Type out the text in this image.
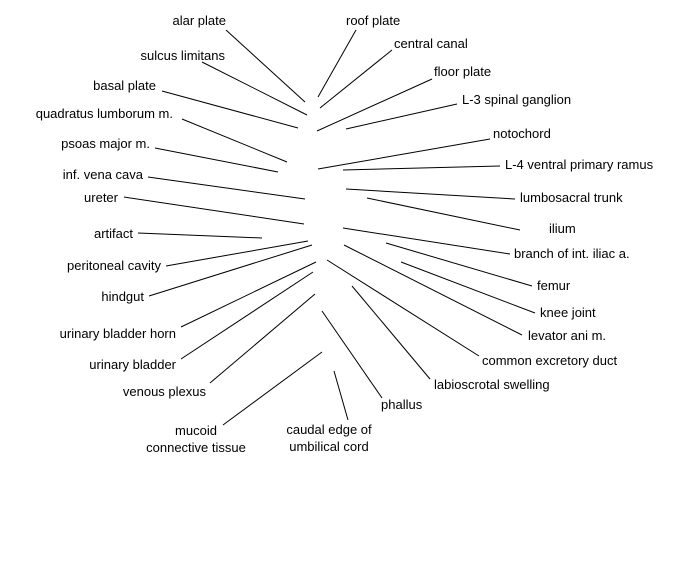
alar plate
sulcus limitans
basal plate
quadratus lumborum m.
psoas major m.
inf. vena cava
ureter
artifact
peritoneal cavity
hindgut
urinary bladder horn
urinary bladder
venous plexus
roof plate
central canal
floor plate
L-3 spinal ganglion
notochord
L-4 ventral primary ramus
lumbosacral trunk
ilium
branch of int. iliac a.
femur
knee joint
levator ani m.
common excretory duct
labioscrotal swelling
phallus
mucoid
connective tissue
caudal edge of
umbilical cord
